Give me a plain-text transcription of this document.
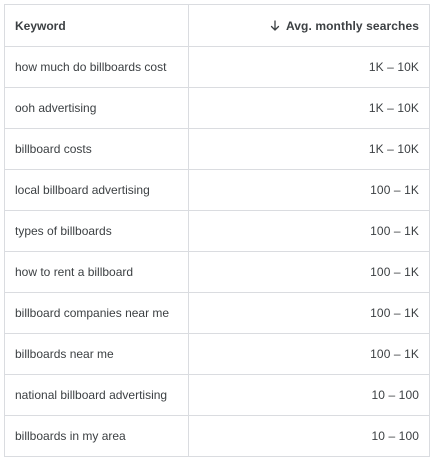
Keyword	Avg. monthly searches
how much do billboards cost	1K – 10K
ooh advertising	1K – 10K
billboard costs	1K – 10K
local billboard advertising	100 – 1K
types of billboards	100 – 1K
how to rent a billboard	100 – 1K
billboard companies near me	100 – 1K
billboards near me	100 – 1K
national billboard advertising	10 – 100
billboards in my area	10 – 100
